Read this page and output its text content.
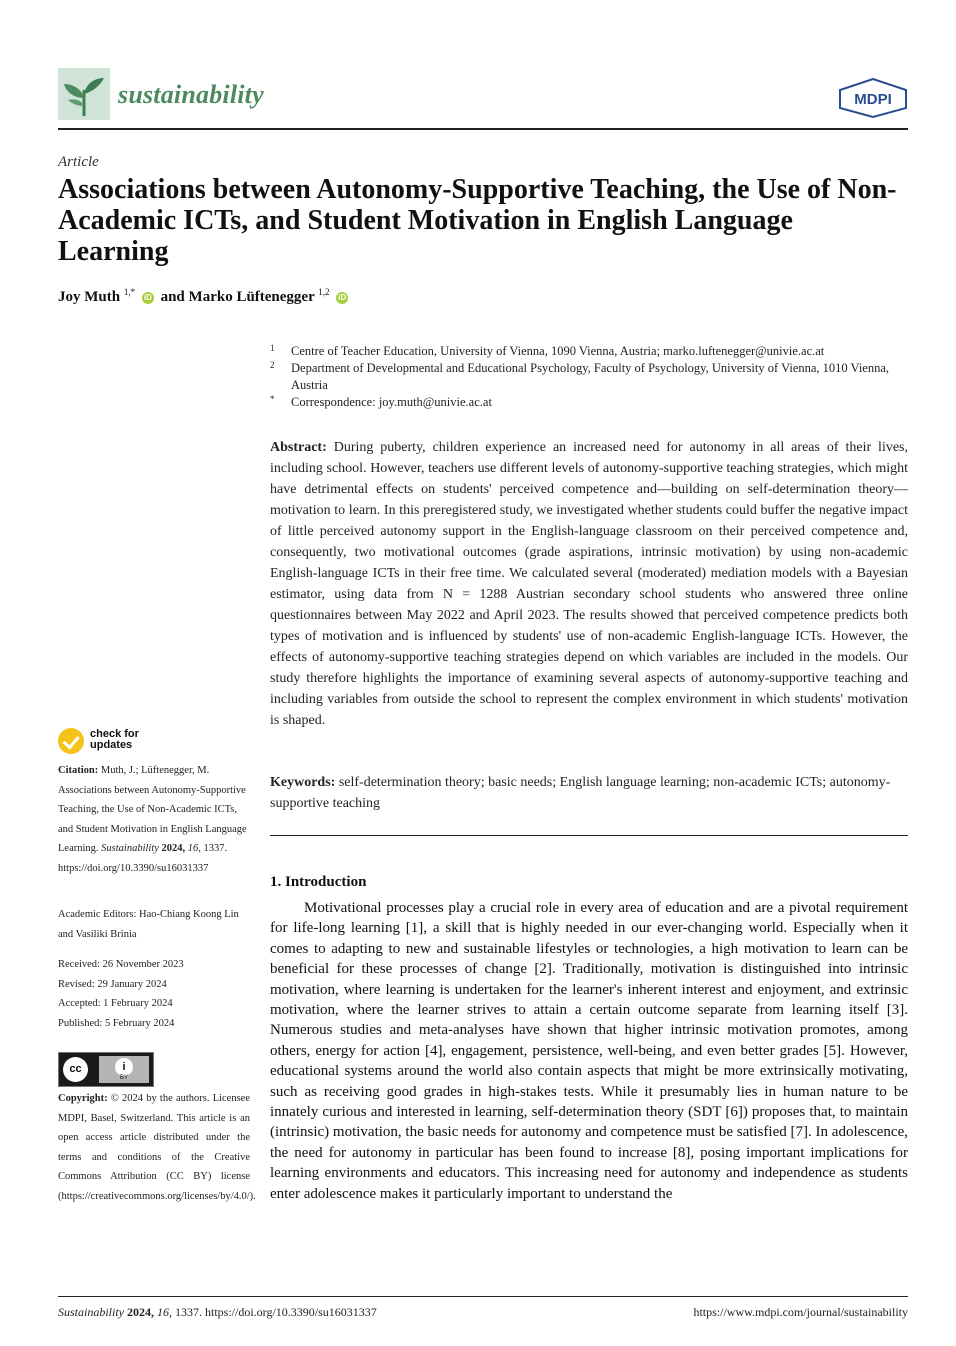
sustainability	MDPI
Article
Associations between Autonomy-Supportive Teaching, the Use of Non-Academic ICTs, and Student Motivation in English Language Learning
Joy Muth $^{1,*}$ iD and Marko Lüftenegger $^{1,2}$ iD
1 Centre of Teacher Education, University of Vienna, 1090 Vienna, Austria; marko.luftenegger@univie.ac.at
2 Department of Developmental and Educational Psychology, Faculty of Psychology, University of Vienna, 1010 Vienna, Austria
* Correspondence: joy.muth@univie.ac.at
Abstract: During puberty, children experience an increased need for autonomy in all areas of their lives, including school. However, teachers use different levels of autonomy-supportive teaching strategies, which might have detrimental effects on students' perceived competence and—building on self-determination theory—motivation to learn. In this preregistered study, we investigated whether students could buffer the negative impact of little perceived autonomy support in the English-language classroom on their perceived competence and, consequently, two motivational outcomes (grade aspirations, intrinsic motivation) by using non-academic English-language ICTs in their free time. We calculated several (moderated) mediation models with a Bayesian estimator, using data from N = 1288 Austrian secondary school students who answered three online questionnaires between May 2022 and April 2023. The results showed that perceived competence predicts both types of motivation and is influenced by students' use of non-academic English-language ICTs. However, the effects of autonomy-supportive teaching strategies depend on which variables are included in the models. Our study therefore highlights the importance of examining several aspects of autonomy-supportive teaching and including variables from outside the school to represent the complex environment in which students' motivation is shaped.
Keywords: self-determination theory; basic needs; English language learning; non-academic ICTs; autonomy-supportive teaching
1. Introduction

Motivational processes play a crucial role in every area of education and are a pivotal requirement for life-long learning [1], a skill that is highly needed in our ever-changing world. Especially when it comes to adapting to new and sustainable lifestyles or technologies, a high motivation to learn can be beneficial for these processes of change [2]. Traditionally, motivation is distinguished into intrinsic motivation, where learning is undertaken for the learner's inherent interest and enjoyment, and extrinsic motivation, where the learner strives to attain a certain outcome separate from learning itself [3]. Numerous studies and meta-analyses have shown that higher intrinsic motivation promotes, among others, energy for action [4], engagement, persistence, well-being, and even better grades [5]. However, educational systems around the world also contain aspects that might be more extrinsically motivating, such as receiving good grades in high-stakes tests. While it presumably lies in human nature to be innately curious and interested in learning, self-determination theory (SDT [6]) proposes that, to maintain (intrinsic) motivation, the basic needs for autonomy and competence must be satisfied [7]. In adolescence, the need for autonomy in particular has been found to increase [8], posing important implications for learning environments and educators. This increasing need for autonomy and independence as students enter adolescence makes it particularly important to understand the

check for
updates
Citation: Muth, J.; Lüftenegger, M. Associations between Autonomy-Supportive Teaching, the Use of Non-Academic ICTs, and Student Motivation in English Language Learning. Sustainability 2024, 16, 1337. https://doi.org/10.3390/su16031337
Academic Editors: Hao-Chiang Koong Lin and Vasiliki Brinia
Received: 26 November 2023
Revised: 29 January 2024
Accepted: 1 February 2024
Published: 5 February 2024
cc	i
BY
Copyright: © 2024 by the authors. Licensee MDPI, Basel, Switzerland. This article is an open access article distributed under the terms and conditions of the Creative Commons Attribution (CC BY) license (https://creativecommons.org/licenses/by/4.0/).
Sustainability 2024, 16, 1337. https://doi.org/10.3390/su16031337	https://www.mdpi.com/journal/sustainability
